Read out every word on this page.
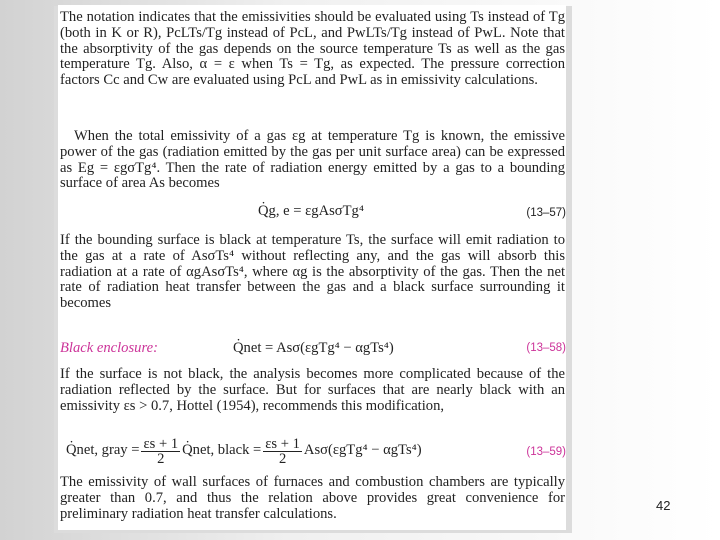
The notation indicates that the emissivities should be evaluated using Ts instead of Tg (both in K or R), PcLTs/Tg instead of PcL, and PwLTs/Tg instead of PwL. Note that the absorptivity of the gas depends on the source temperature Ts as well as the gas temperature Tg. Also, α = ε when Ts = Tg, as expected. The pressure correction factors Cc and Cw are evaluated using PcL and PwL as in emissivity calculations.

When the total emissivity of a gas εg at temperature Tg is known, the emissive power of the gas (radiation emitted by the gas per unit surface area) can be expressed as Eg = εgσTg⁴. Then the rate of radiation energy emitted by a gas to a bounding surface of area As becomes

Q̇g, e = εgAsσTg⁴	(13–57)

If the bounding surface is black at temperature Ts, the surface will emit radiation to the gas at a rate of AsσTs⁴ without reflecting any, and the gas will absorb this radiation at a rate of αgAsσTs⁴, where αg is the absorptivity of the gas. Then the net rate of radiation heat transfer between the gas and a black surface surrounding it becomes

Black enclosure:	Q̇net = Asσ(εgTg⁴ − αgTs⁴)	(13–58)

If the surface is not black, the analysis becomes more complicated because of the radiation reflected by the surface. But for surfaces that are nearly black with an emissivity εs > 0.7, Hottel (1954), recommends this modification,

Q̇net, gray = $\frac{\varepsilon s + 1}{2}$ Q̇net, black = $\frac{\varepsilon s + 1}{2} As\sigma(\varepsilon gTg^4 - \alpha gTs^4)$	(13–59)

The emissivity of wall surfaces of furnaces and combustion chambers are typically greater than 0.7, and thus the relation above provides great convenience for preliminary radiation heat transfer calculations.

42
